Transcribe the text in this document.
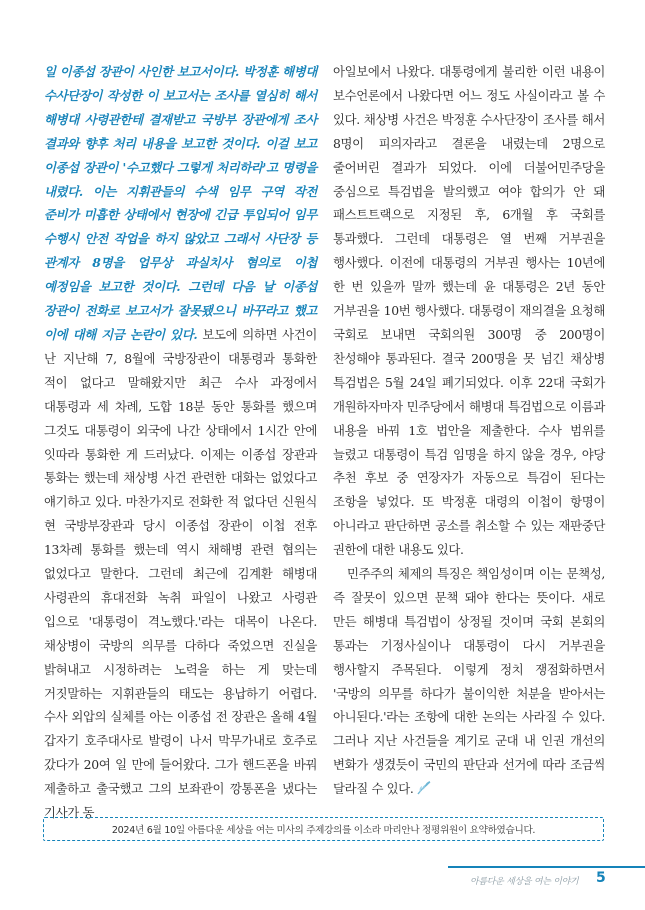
일 이종섭 장관이 사인한 보고서이다. 박정훈 해병대 수사단장이 작성한 이 보고서는 조사를 열심히 해서 해병대 사령관한테 결재받고 국방부 장관에게 조사 결과와 향후 처리 내용을 보고한 것이다. 이걸 보고 이종섭 장관이 '수고했다 그렇게 처리하라'고 명령을 내렸다. 이는 지휘관들의 수색 임무 구역 작전 준비가 미흡한 상태에서 현장에 긴급 투입되어 임무 수행시 안전 작업을 하지 않았고 그래서 사단장 등 관계자 8명을 업무상 과실치사 혐의로 이첩 예정임을 보고한 것이다. 그런데 다음 날 이종섭 장관이 전화로 보고서가 잘못됐으니 바꾸라고 했고 이에 대해 지금 논란이 있다. 보도에 의하면 사건이 난 지난해 7, 8월에 국방장관이 대통령과 통화한 적이 없다고 말해왔지만 최근 수사 과정에서 대통령과 세 차례, 도합 18분 동안 통화를 했으며 그것도 대통령이 외국에 나간 상태에서 1시간 안에 잇따라 통화한 게 드러났다. 이제는 이종섭 장관과 통화는 했는데 채상병 사건 관련한 대화는 없었다고 얘기하고 있다. 마찬가지로 전화한 적 없다던 신원식 현 국방부장관과 당시 이종섭 장관이 이첩 전후 13차례 통화를 했는데 역시 채해병 관련 협의는 없었다고 말한다. 그런데 최근에 김계환 해병대 사령관의 휴대전화 녹취 파일이 나왔고 사령관 입으로 '대통령이 격노했다.'라는 대목이 나온다. 채상병이 국방의 의무를 다하다 죽었으면 진실을 밝혀내고 시정하려는 노력을 하는 게 맞는데 거짓말하는 지휘관들의 태도는 용납하기 어렵다. 수사 외압의 실체를 아는 이종섭 전 장관은 올해 4월 갑자기 호주대사로 발령이 나서 막무가내로 호주로 갔다가 20여 일 만에 들어왔다. 그가 핸드폰을 바꿔 제출하고 출국했고 그의 보좌관이 깡통폰을 냈다는 기사가 동

아일보에서 나왔다. 대통령에게 불리한 이런 내용이 보수언론에서 나왔다면 어느 정도 사실이라고 볼 수 있다. 채상병 사건은 박정훈 수사단장이 조사를 해서 8명이 피의자라고 결론을 내렸는데 2명으로 줄어버린 결과가 되었다. 이에 더불어민주당을 중심으로 특검법을 발의했고 여야 합의가 안 돼 패스트트랙으로 지정된 후, 6개월 후 국회를 통과했다. 그런데 대통령은 열 번째 거부권을 행사했다. 이전에 대통령의 거부권 행사는 10년에 한 번 있을까 말까 했는데 윤 대통령은 2년 동안 거부권을 10번 행사했다. 대통령이 재의결을 요청해 국회로 보내면 국회의원 300명 중 200명이 찬성해야 통과된다. 결국 200명을 못 넘긴 채상병 특검법은 5월 24일 폐기되었다. 이후 22대 국회가 개원하자마자 민주당에서 해병대 특검법으로 이름과 내용을 바꿔 1호 법안을 제출한다. 수사 범위를 늘렸고 대통령이 특검 임명을 하지 않을 경우, 야당 추천 후보 중 연장자가 자동으로 특검이 된다는 조항을 넣었다. 또 박정훈 대령의 이첩이 항명이 아니라고 판단하면 공소를 취소할 수 있는 재판중단 권한에 대한 내용도 있다.

민주주의 체제의 특징은 책임성이며 이는 문책성, 즉 잘못이 있으면 문책 돼야 한다는 뜻이다. 새로 만든 해병대 특검법이 상정될 것이며 국회 본회의 통과는 기정사실이나 대통령이 다시 거부권을 행사할지 주목된다. 이렇게 정치 쟁점화하면서 '국방의 의무를 하다가 불이익한 처분을 받아서는 아니된다.'라는 조항에 대한 논의는 사라질 수 있다. 그러나 지난 사건들을 계기로 군대 내 인권 개선의 변화가 생겼듯이 국민의 판단과 선거에 따라 조금씩 달라질 수 있다.

2024년 6월 10일 아름다운 세상을 여는 미사의 주제강의를 이소라 마리안나 정평위원이 요약하였습니다.
아름다운 세상을 여는 이야기 5
